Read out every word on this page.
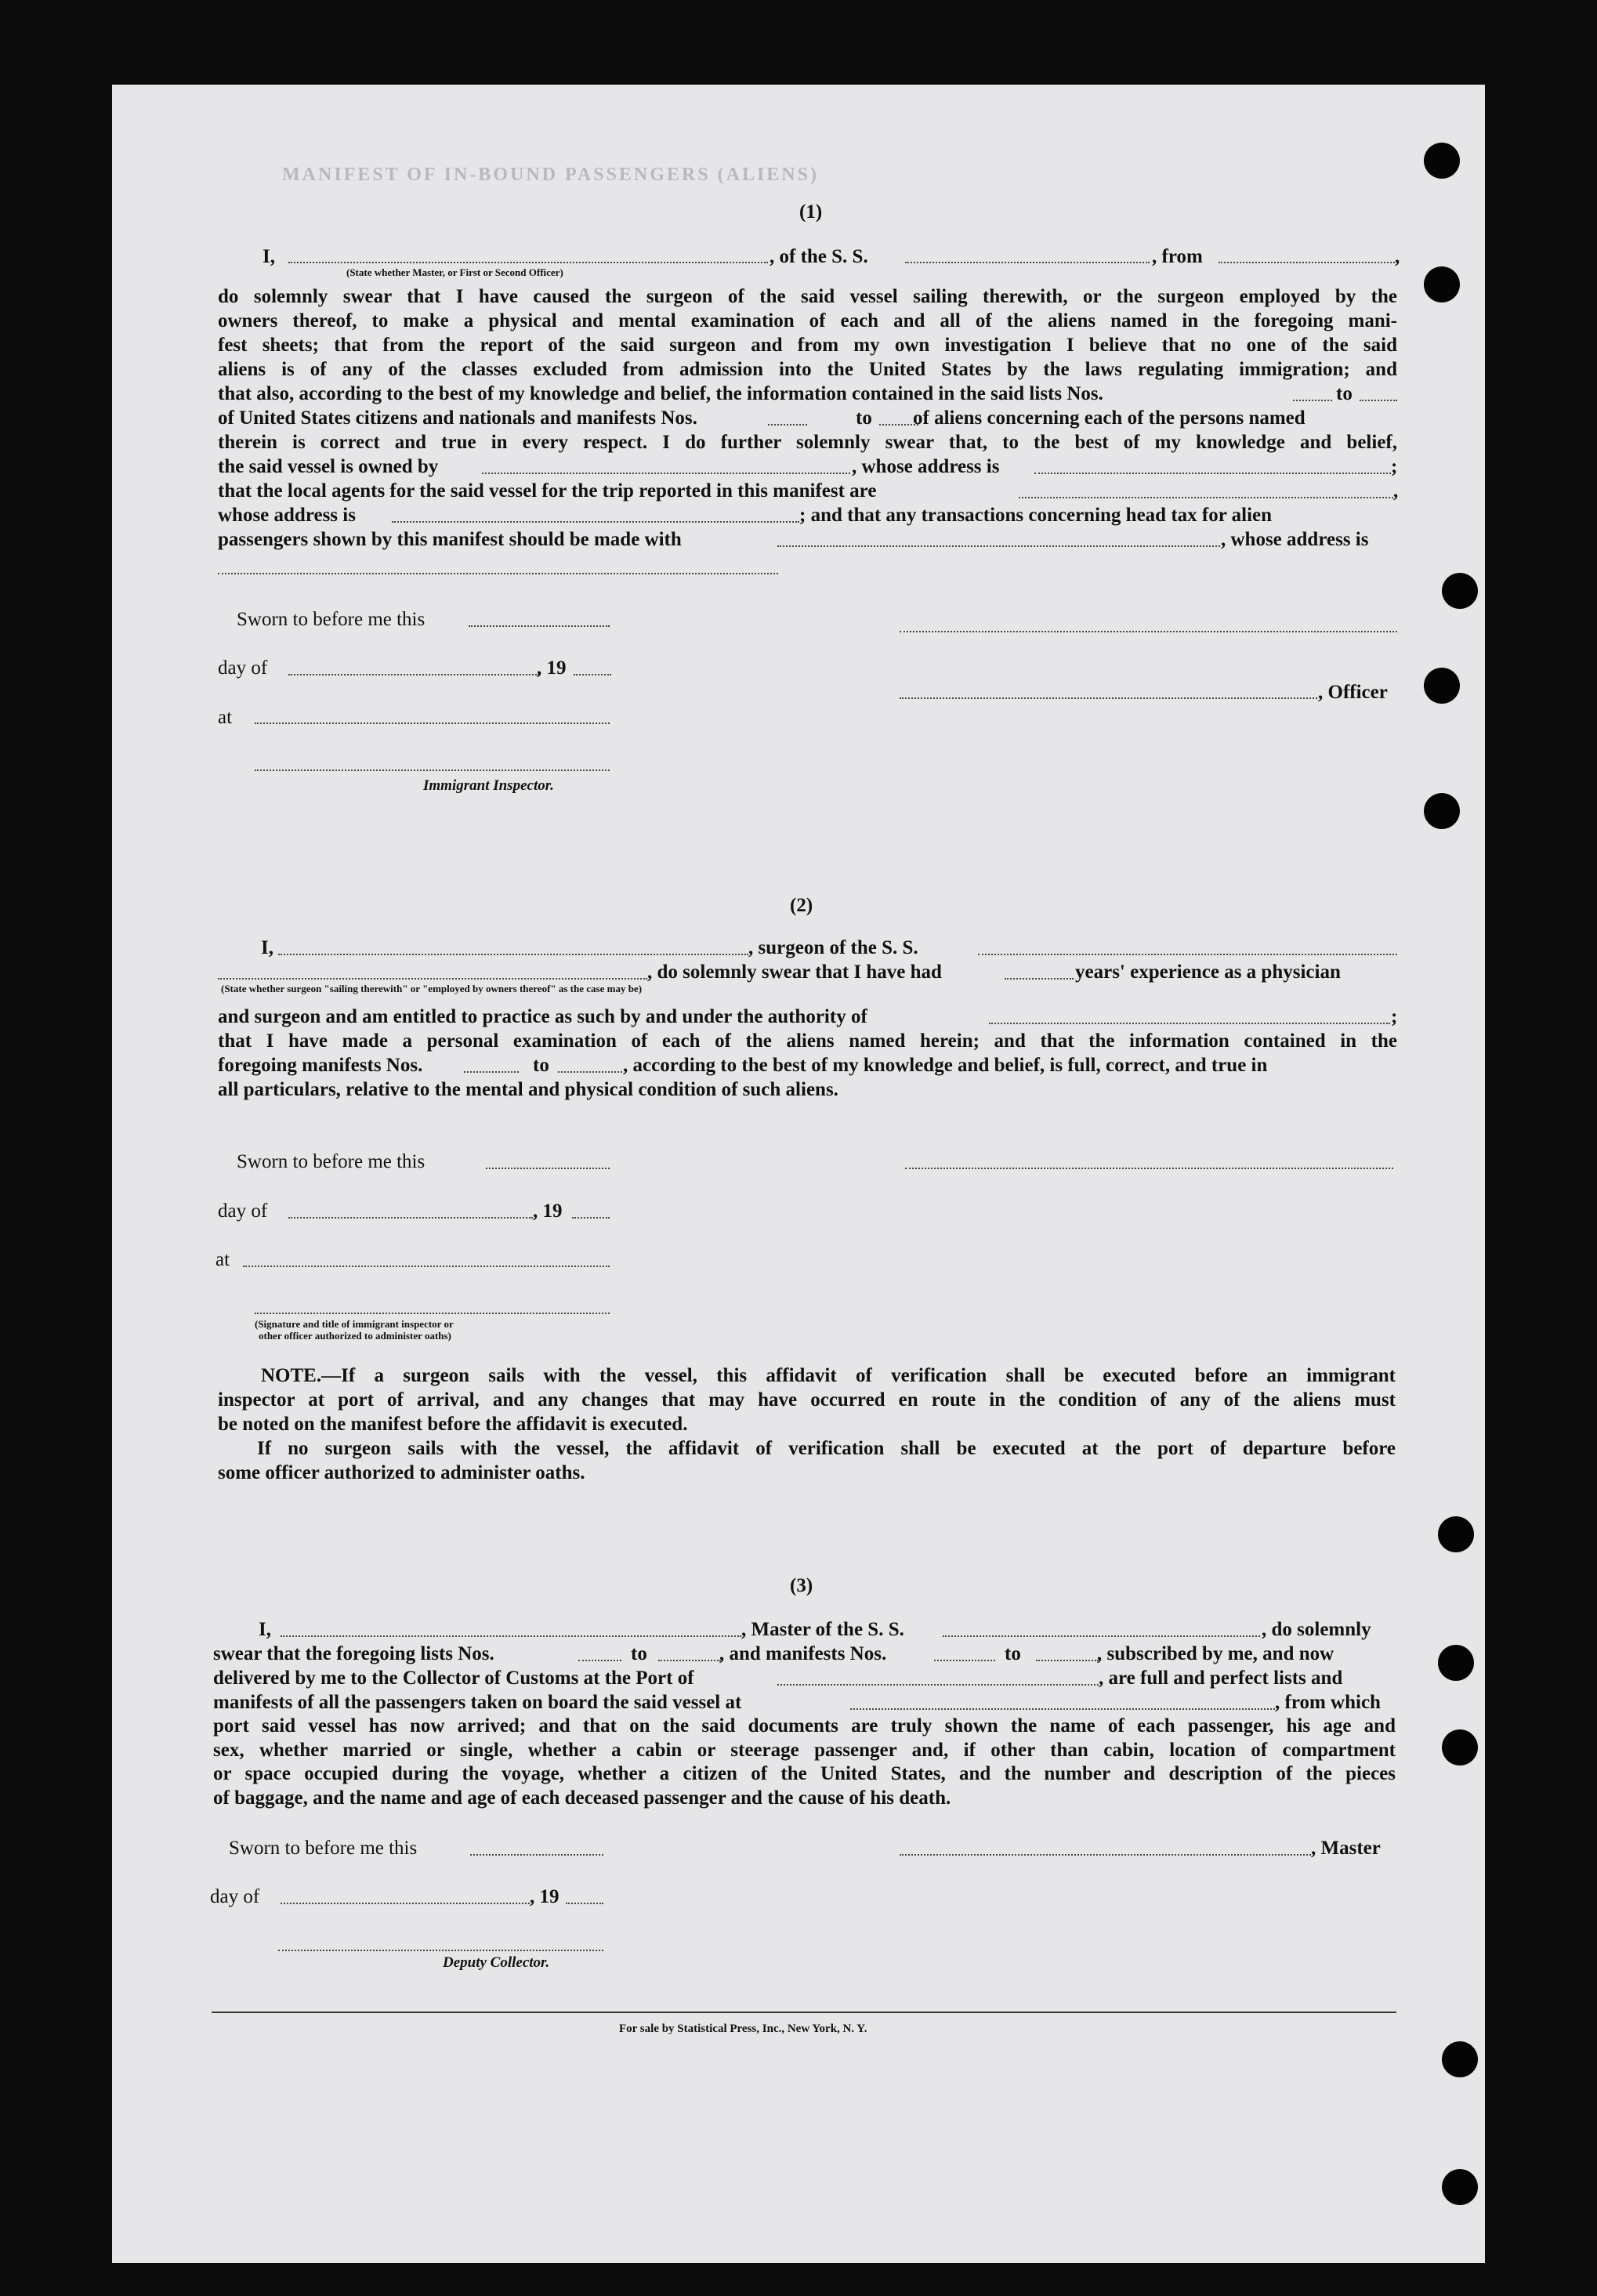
MANIFEST OF IN-BOUND PASSENGERS (ALIENS)
(1)
I,	, of the S. S.	, from	,
(State whether Master, or First or Second Officer)
do solemnly swear that I have caused the surgeon of the said vessel sailing therewith, or the surgeon employed by the
owners thereof, to make a physical and mental examination of each and all of the aliens named in the foregoing mani-
fest sheets; that from the report of the said surgeon and from my own investigation I believe that no one of the said
aliens is of any of the classes excluded from admission into the United States by the laws regulating immigration; and
that also, according to the best of my knowledge and belief, the information contained in the said lists Nos.	to
of United States citizens and nationals and manifests Nos.	to of aliens concerning each of the persons named
therein is correct and true in every respect. I do further solemnly swear that, to the best of my knowledge and belief,
the said vessel is owned by	, whose address is	;
that the local agents for the said vessel for the trip reported in this manifest are	,
whose address is	; and that any transactions concerning head tax for alien
passengers shown by this manifest should be made with	, whose address is
Sworn to before me this
day of	, 19
at
Immigrant Inspector.
, Officer
(2)
I,	, surgeon of the S. S.
, do solemnly swear that I have had	years' experience as a physician
(State whether surgeon "sailing therewith" or "employed by owners thereof" as the case may be)
and surgeon and am entitled to practice as such by and under the authority of	;
that I have made a personal examination of each of the aliens named herein; and that the information contained in the
foregoing manifests Nos.	to	, according to the best of my knowledge and belief, is full, correct, and true in
all particulars, relative to the mental and physical condition of such aliens.
Sworn to before me this
day of	, 19
at
(Signature and title of immigrant inspector or
other officer authorized to administer oaths)
NOTE.—If a surgeon sails with the vessel, this affidavit of verification shall be executed before an immigrant
inspector at port of arrival, and any changes that may have occurred en route in the condition of any of the aliens must
be noted on the manifest before the affidavit is executed.
If no surgeon sails with the vessel, the affidavit of verification shall be executed at the port of departure before
some officer authorized to administer oaths.
(3)
I,	, Master of the S. S.	, do solemnly
swear that the foregoing lists Nos.	to	, and manifests Nos.	to	, subscribed by me, and now
delivered by me to the Collector of Customs at the Port of	, are full and perfect lists and
manifests of all the passengers taken on board the said vessel at	, from which
port said vessel has now arrived; and that on the said documents are truly shown the name of each passenger, his age and
sex, whether married or single, whether a cabin or steerage passenger and, if other than cabin, location of compartment
or space occupied during the voyage, whether a citizen of the United States, and the number and description of the pieces
of baggage, and the name and age of each deceased passenger and the cause of his death.
Sworn to before me this
day of	, 19
Deputy Collector.
, Master
For sale by Statistical Press, Inc., New York, N. Y.
